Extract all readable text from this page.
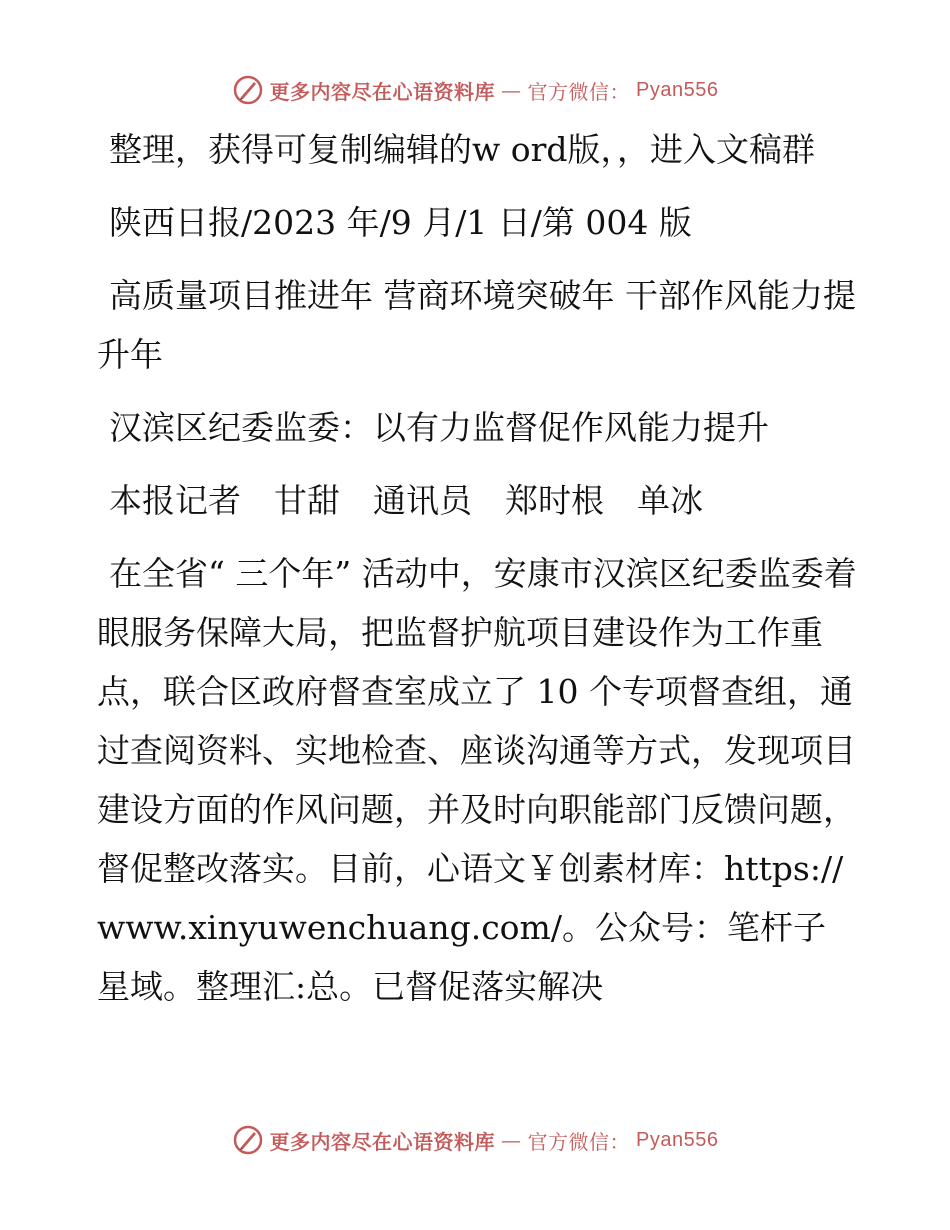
更多内容尽在心语资料库 — 官方微信： Pyan556

整理，获得可复制编辑的w ord版，，进入文稿群

陕西日报/2023 年/9 月/1 日/第 004 版

高质量项目推进年 营商环境突破年 干部作风能力提升年

汉滨区纪委监委：以有力监督促作风能力提升

本报记者　甘甜　通讯员　郑时根　单冰

在全省“ 三个年” 活动中，安康市汉滨区纪委监委着眼服务保障大局，把监督护航项目建设作为工作重点，联合区政府督查室成立了 10 个专项督查组，通过查阅资料、实地检查、座谈沟通等方式，发现项目建设方面的作风问题，并及时向职能部门反馈问题，督促整改落实。目前，心语文￥创素材库：https://www.xinyuwenchuang.com/。公众号：笔杆子星域。整理汇:总。已督促落实解决

更多内容尽在心语资料库 — 官方微信： Pyan556
